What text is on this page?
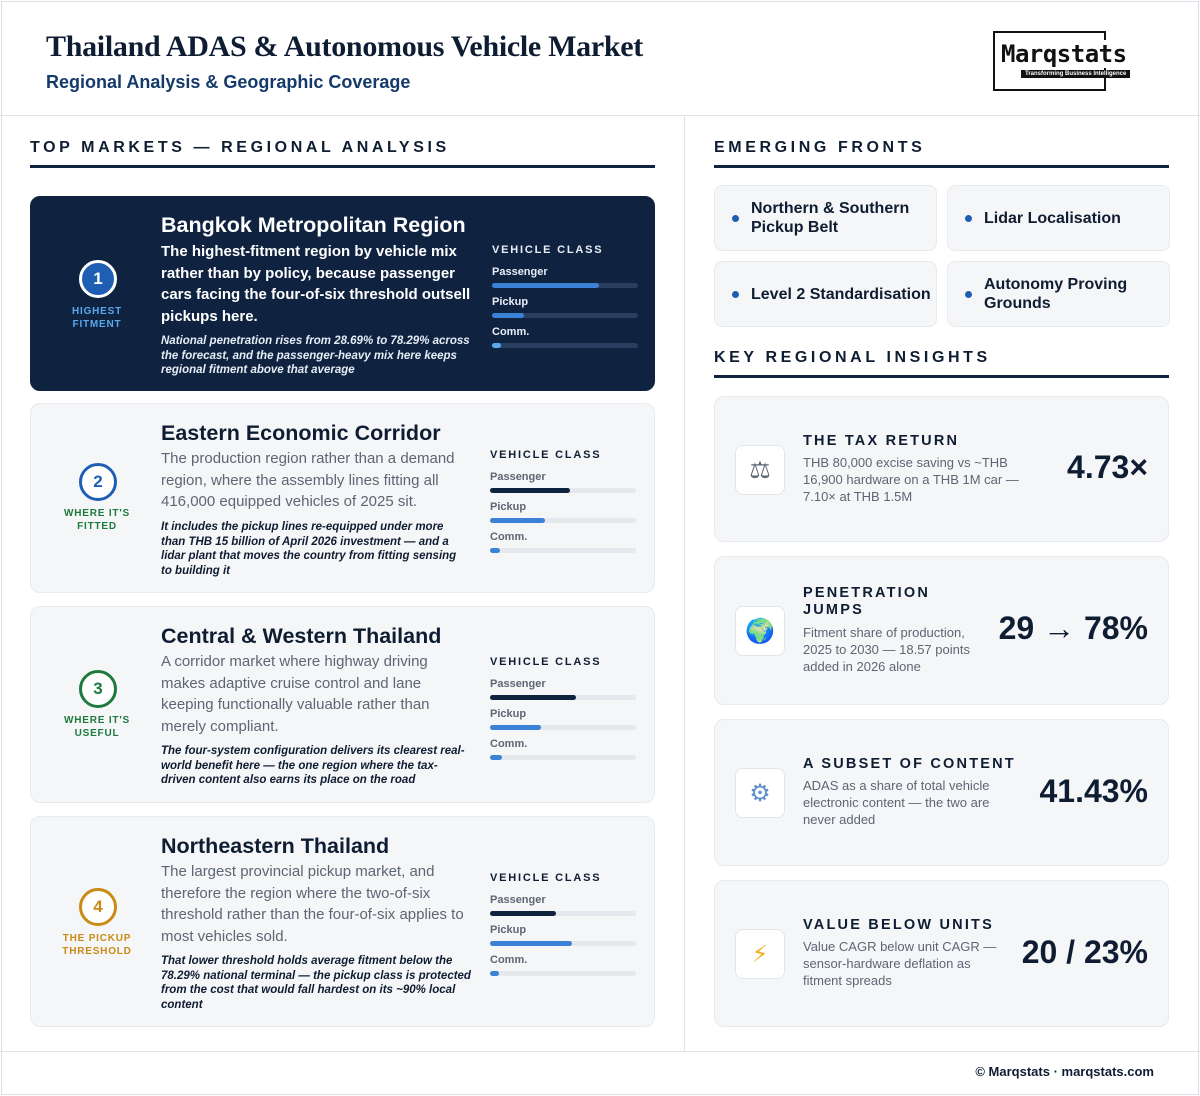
Thailand ADAS & Autonomous Vehicle Market
Regional Analysis & Geographic Coverage
Marqstats
Transforming Business Intelligence
TOP MARKETS — REGIONAL ANALYSIS
1
HIGHEST FITMENT
Bangkok Metropolitan Region
The highest-fitment region by vehicle mix rather than by policy, because passenger cars facing the four-of-six threshold outsell pickups here.
National penetration rises from 28.69% to 78.29% across the forecast, and the passenger-heavy mix here keeps regional fitment above that average
VEHICLE CLASS
Passenger
Pickup
Comm.
2
WHERE IT'S FITTED
Eastern Economic Corridor
The production region rather than a demand region, where the assembly lines fitting all 416,000 equipped vehicles of 2025 sit.
It includes the pickup lines re-equipped under more than THB 15 billion of April 2026 investment — and a lidar plant that moves the country from fitting sensing to building it
VEHICLE CLASS
Passenger
Pickup
Comm.
3
WHERE IT'S USEFUL
Central & Western Thailand
A corridor market where highway driving makes adaptive cruise control and lane keeping functionally valuable rather than merely compliant.
The four-system configuration delivers its clearest real-world benefit here — the one region where the tax-driven content also earns its place on the road
VEHICLE CLASS
Passenger
Pickup
Comm.
4
THE PICKUP THRESHOLD
Northeastern Thailand
The largest provincial pickup market, and therefore the region where the two-of-six threshold rather than the four-of-six applies to most vehicles sold.
That lower threshold holds average fitment below the 78.29% national terminal — the pickup class is protected from the cost that would fall hardest on its ~90% local content
VEHICLE CLASS
Passenger
Pickup
Comm.
EMERGING FRONTS
Northern & Southern Pickup Belt
Lidar Localisation
Level 2 Standardisation
Autonomy Proving Grounds
KEY REGIONAL INSIGHTS
⚖
THE TAX RETURN
THB 80,000 excise saving vs ~THB 16,900 hardware on a THB 1M car — 7.10× at THB 1.5M
4.73×
🌍
PENETRATION JUMPS
Fitment share of production, 2025 to 2030 — 18.57 points added in 2026 alone
29 → 78%
⚙
A SUBSET OF CONTENT
ADAS as a share of total vehicle electronic content — the two are never added
41.43%
⚡
VALUE BELOW UNITS
Value CAGR below unit CAGR — sensor-hardware deflation as fitment spreads
20 / 23%
© Marqstats · marqstats.com
